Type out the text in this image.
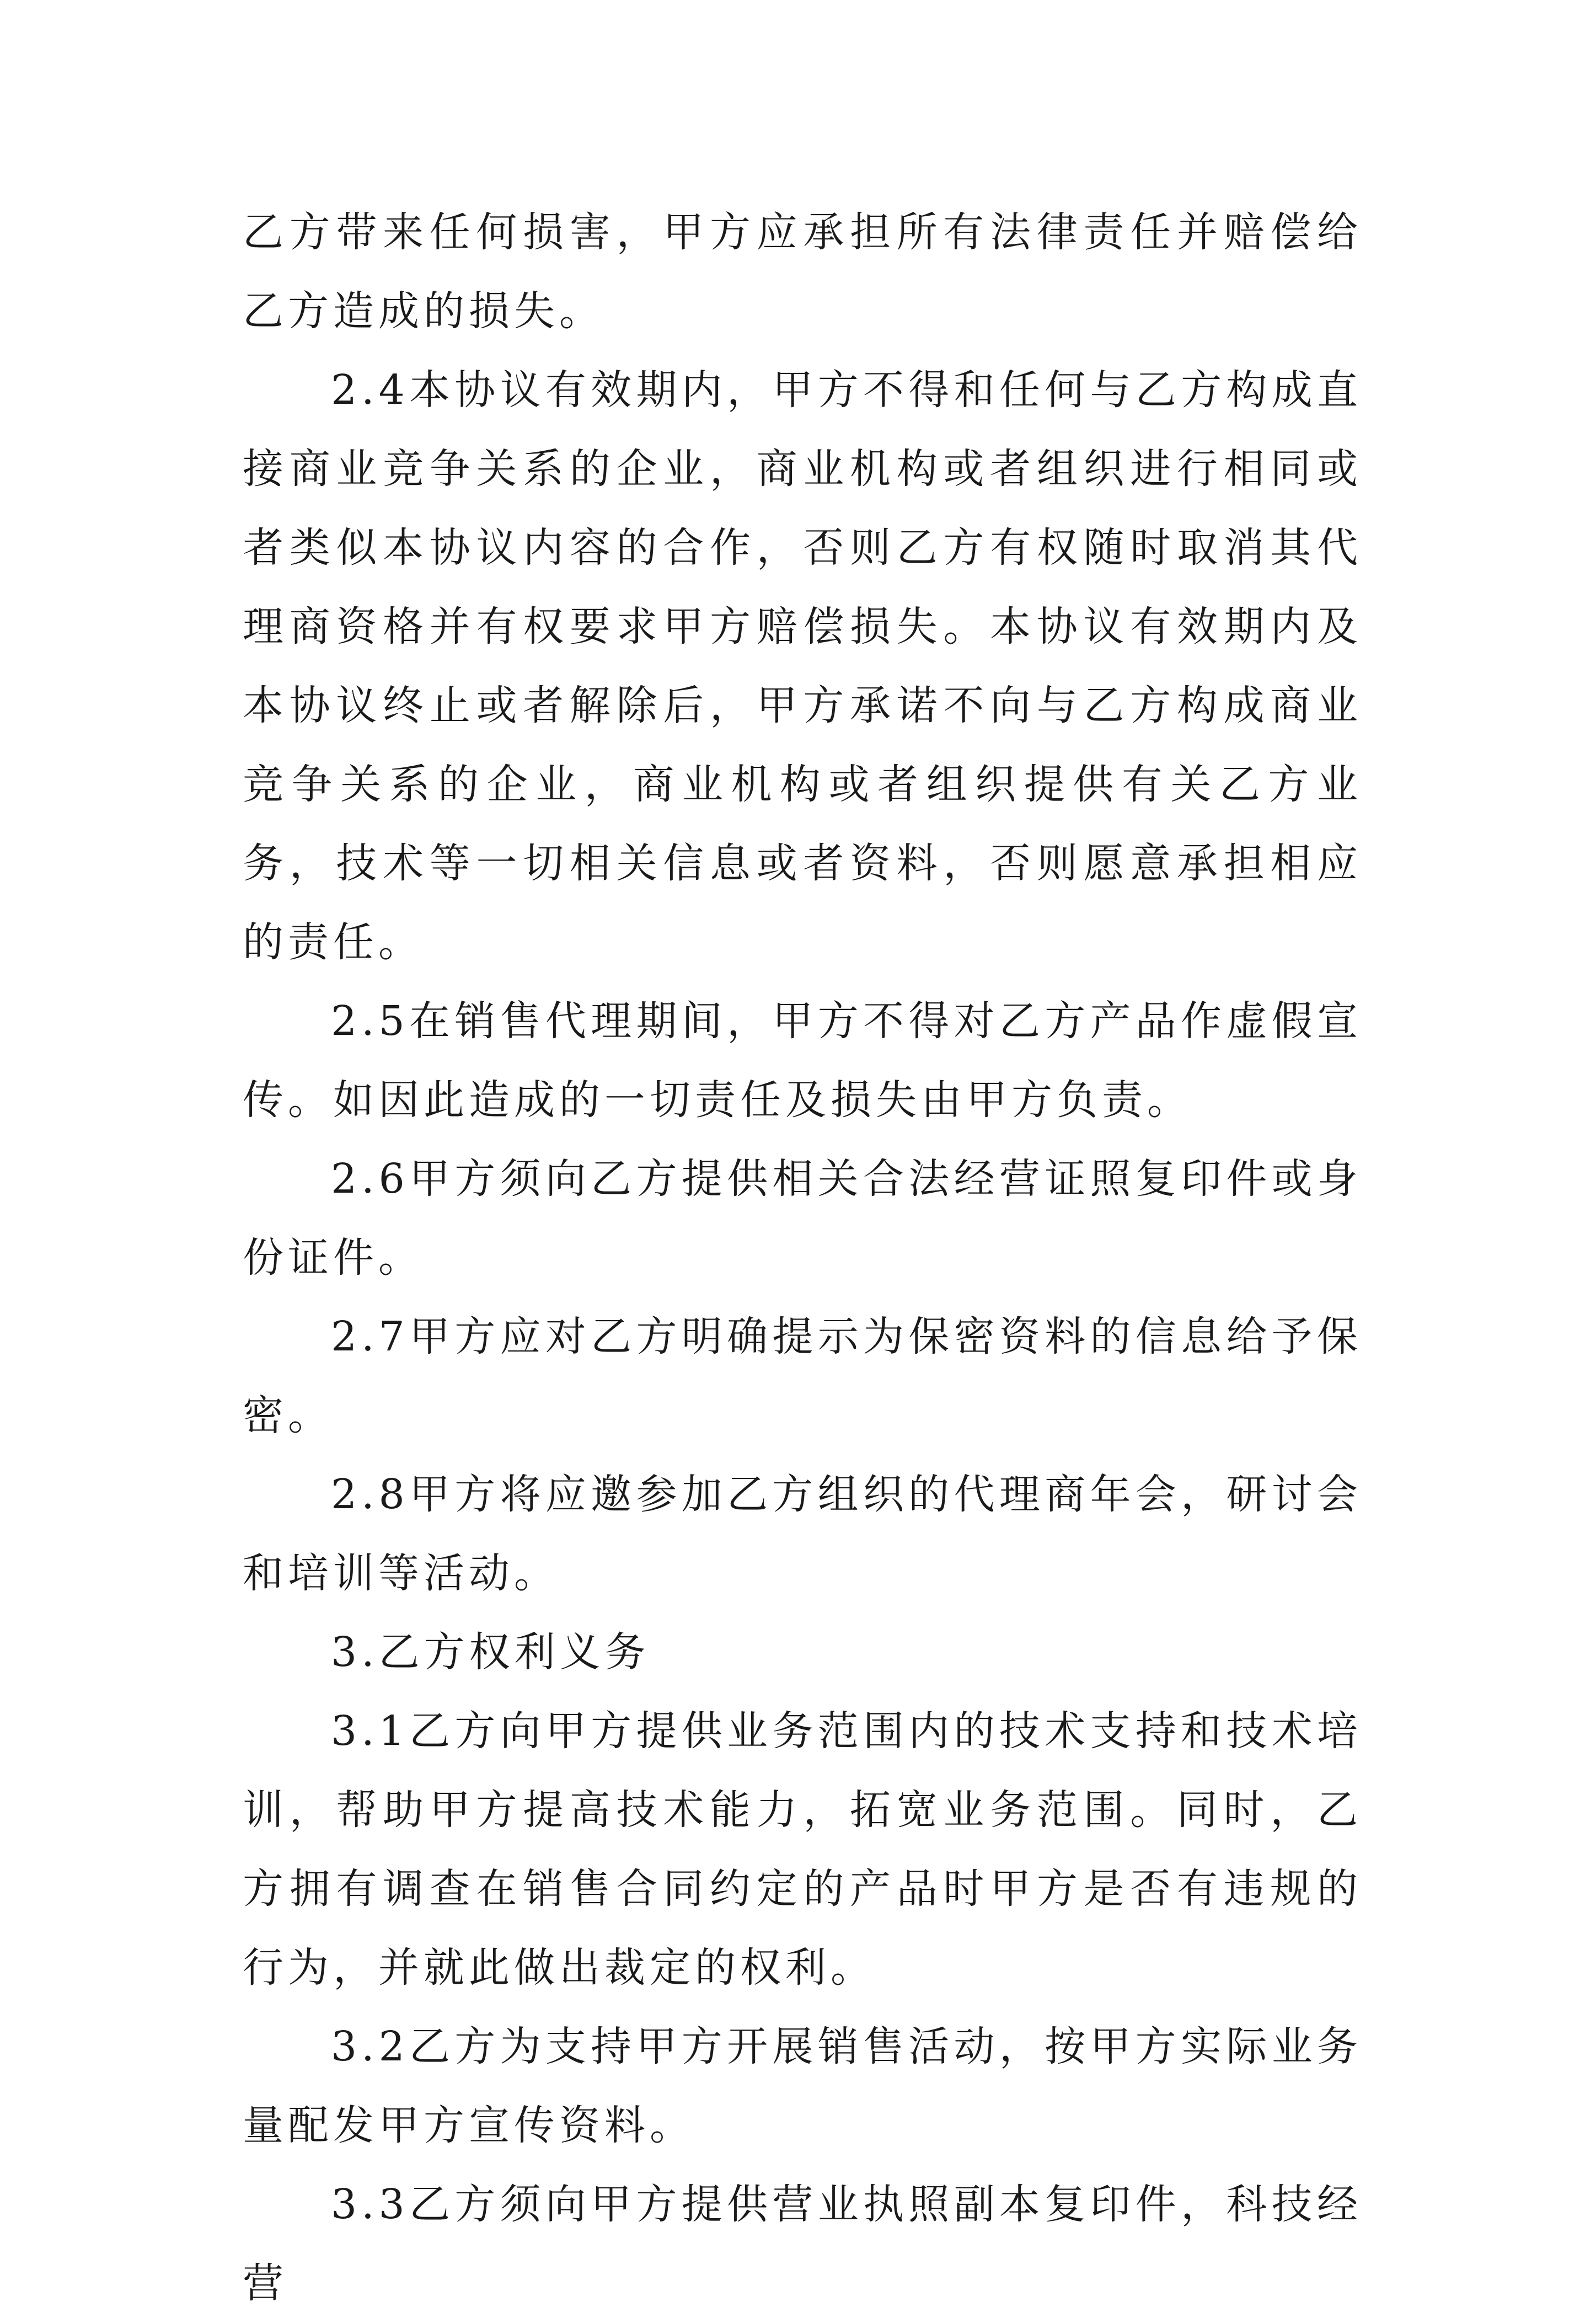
乙方带来任何损害，甲方应承担所有法律责任并赔偿给乙方造成的损失。

2.4本协议有效期内，甲方不得和任何与乙方构成直接商业竞争关系的企业，商业机构或者组织进行相同或者类似本协议内容的合作，否则乙方有权随时取消其代理商资格并有权要求甲方赔偿损失。本协议有效期内及本协议终止或者解除后，甲方承诺不向与乙方构成商业竞争关系的企业，商业机构或者组织提供有关乙方业务，技术等一切相关信息或者资料，否则愿意承担相应的责任。

2.5在销售代理期间，甲方不得对乙方产品作虚假宣传。如因此造成的一切责任及损失由甲方负责。

2.6甲方须向乙方提供相关合法经营证照复印件或身份证件。

2.7甲方应对乙方明确提示为保密资料的信息给予保密。

2.8甲方将应邀参加乙方组织的代理商年会，研讨会和培训等活动。

3.乙方权利义务

3.1乙方向甲方提供业务范围内的技术支持和技术培训，帮助甲方提高技术能力，拓宽业务范围。同时，乙方拥有调查在销售合同约定的产品时甲方是否有违规的行为，并就此做出裁定的权利。

3.2乙方为支持甲方开展销售活动，按甲方实际业务量配发甲方宣传资料。

3.3乙方须向甲方提供营业执照副本复印件，科技经营
